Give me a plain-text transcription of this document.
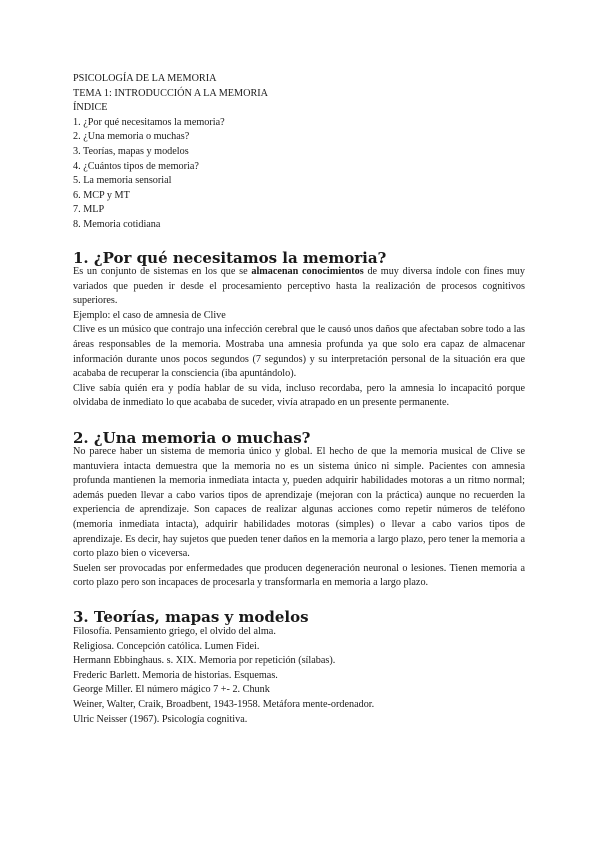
PSICOLOGÍA DE LA MEMORIA
TEMA 1: INTRODUCCIÓN A LA MEMORIA
ÍNDICE
1. ¿Por qué necesitamos la memoria?
2. ¿Una memoria o muchas?
3. Teorías, mapas y modelos
4. ¿Cuántos tipos de memoria?
5. La memoria sensorial
6. MCP y MT
7. MLP
8. Memoria cotidiana
1. ¿Por qué necesitamos la memoria?

Es un conjunto de sistemas en los que se almacenan conocimientos de muy diversa índole con fines muy variados que pueden ir desde el procesamiento perceptivo hasta la realización de procesos cognitivos superiores.

Ejemplo: el caso de amnesia de Clive

Clive es un músico que contrajo una infección cerebral que le causó unos daños que afectaban sobre todo a las áreas responsables de la memoria. Mostraba una amnesia profunda ya que solo era capaz de almacenar información durante unos pocos segundos (7 segundos) y su interpretación personal de la situación era que acababa de recuperar la consciencia (iba apuntándolo).

Clive sabía quién era y podía hablar de su vida, incluso recordaba, pero la amnesia lo incapacitó porque olvidaba de inmediato lo que acababa de suceder, vivía atrapado en un presente permanente.

2. ¿Una memoria o muchas?

No parece haber un sistema de memoria único y global. El hecho de que la memoria musical de Clive se mantuviera intacta demuestra que la memoria no es un sistema único ni simple. Pacientes con amnesia profunda mantienen la memoria inmediata intacta y, pueden adquirir habilidades motoras a un ritmo normal; además pueden llevar a cabo varios tipos de aprendizaje (mejoran con la práctica) aunque no recuerden la experiencia de aprendizaje. Son capaces de realizar algunas acciones como repetir números de teléfono (memoria inmediata intacta), adquirir habilidades motoras (simples) o llevar a cabo varios tipos de aprendizaje. Es decir, hay sujetos que pueden tener daños en la memoria a largo plazo, pero tener la memoria a corto plazo bien o viceversa.

Suelen ser provocadas por enfermedades que producen degeneración neuronal o lesiones. Tienen memoria a corto plazo pero son incapaces de procesarla y transformarla en memoria a largo plazo.

3. Teorías, mapas y modelos
Filosofía. Pensamiento griego, el olvido del alma.
Religiosa. Concepción católica. Lumen Fidei.
Hermann Ebbinghaus. s. XIX. Memoria por repetición (sílabas).
Frederic Barlett. Memoria de historias. Esquemas.
George Miller. El número mágico 7 +- 2. Chunk
Weiner, Walter, Craik, Broadbent, 1943-1958. Metáfora mente-ordenador.
Ulric Neisser (1967). Psicología cognitiva.
